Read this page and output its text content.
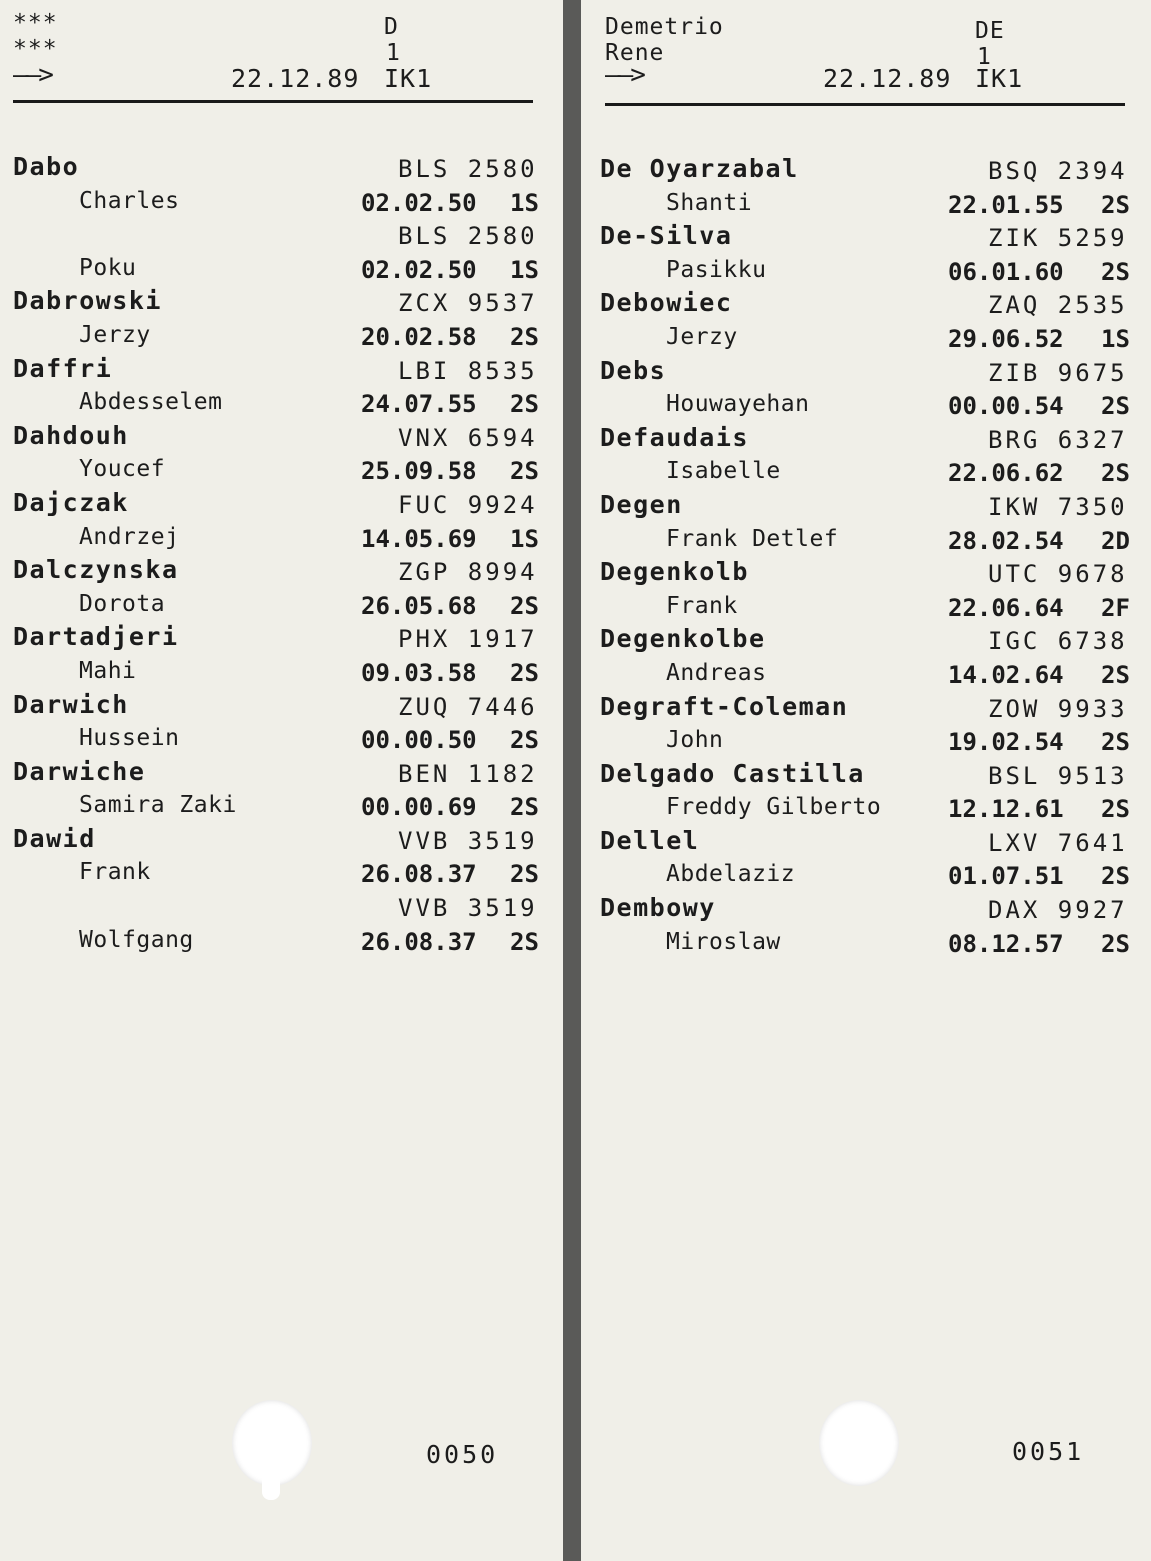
***
***
D
1
——>	22.12.89 IK1
Dabo	BLS 2580
Charles	02.02.50 1S
BLS 2580
Poku	02.02.50 1S
Dabrowski	ZCX 9537
Jerzy	20.02.58 2S
Daffri	LBI 8535
Abdesselem	24.07.55 2S
Dahdouh	VNX 6594
Youcef	25.09.58 2S
Dajczak	FUC 9924
Andrzej	14.05.69 1S
Dalczynska	ZGP 8994
Dorota	26.05.68 2S
Dartadjeri	PHX 1917
Mahi	09.03.58 2S
Darwich	ZUQ 7446
Hussein	00.00.50 2S
Darwiche	BEN 1182
Samira Zaki	00.00.69 2S
Dawid	VVB 3519
Frank	26.08.37 2S
VVB 3519
Wolfgang	26.08.37 2S
0050
Demetrio
Rene
DE
1
——>	22.12.89 IK1
De Oyarzabal	BSQ 2394
Shanti	22.01.55 2S
De-Silva	ZIK 5259
Pasikku	06.01.60 2S
Debowiec	ZAQ 2535
Jerzy	29.06.52 1S
Debs	ZIB 9675
Houwayehan	00.00.54 2S
Defaudais	BRG 6327
Isabelle	22.06.62 2S
Degen	IKW 7350
Frank Detlef	28.02.54 2D
Degenkolb	UTC 9678
Frank	22.06.64 2F
Degenkolbe	IGC 6738
Andreas	14.02.64 2S
Degraft-Coleman	ZOW 9933
John	19.02.54 2S
Delgado Castilla	BSL 9513
Freddy Gilberto	12.12.61 2S
Dellel	LXV 7641
Abdelaziz	01.07.51 2S
Dembowy	DAX 9927
Miroslaw	08.12.57 2S
0051
